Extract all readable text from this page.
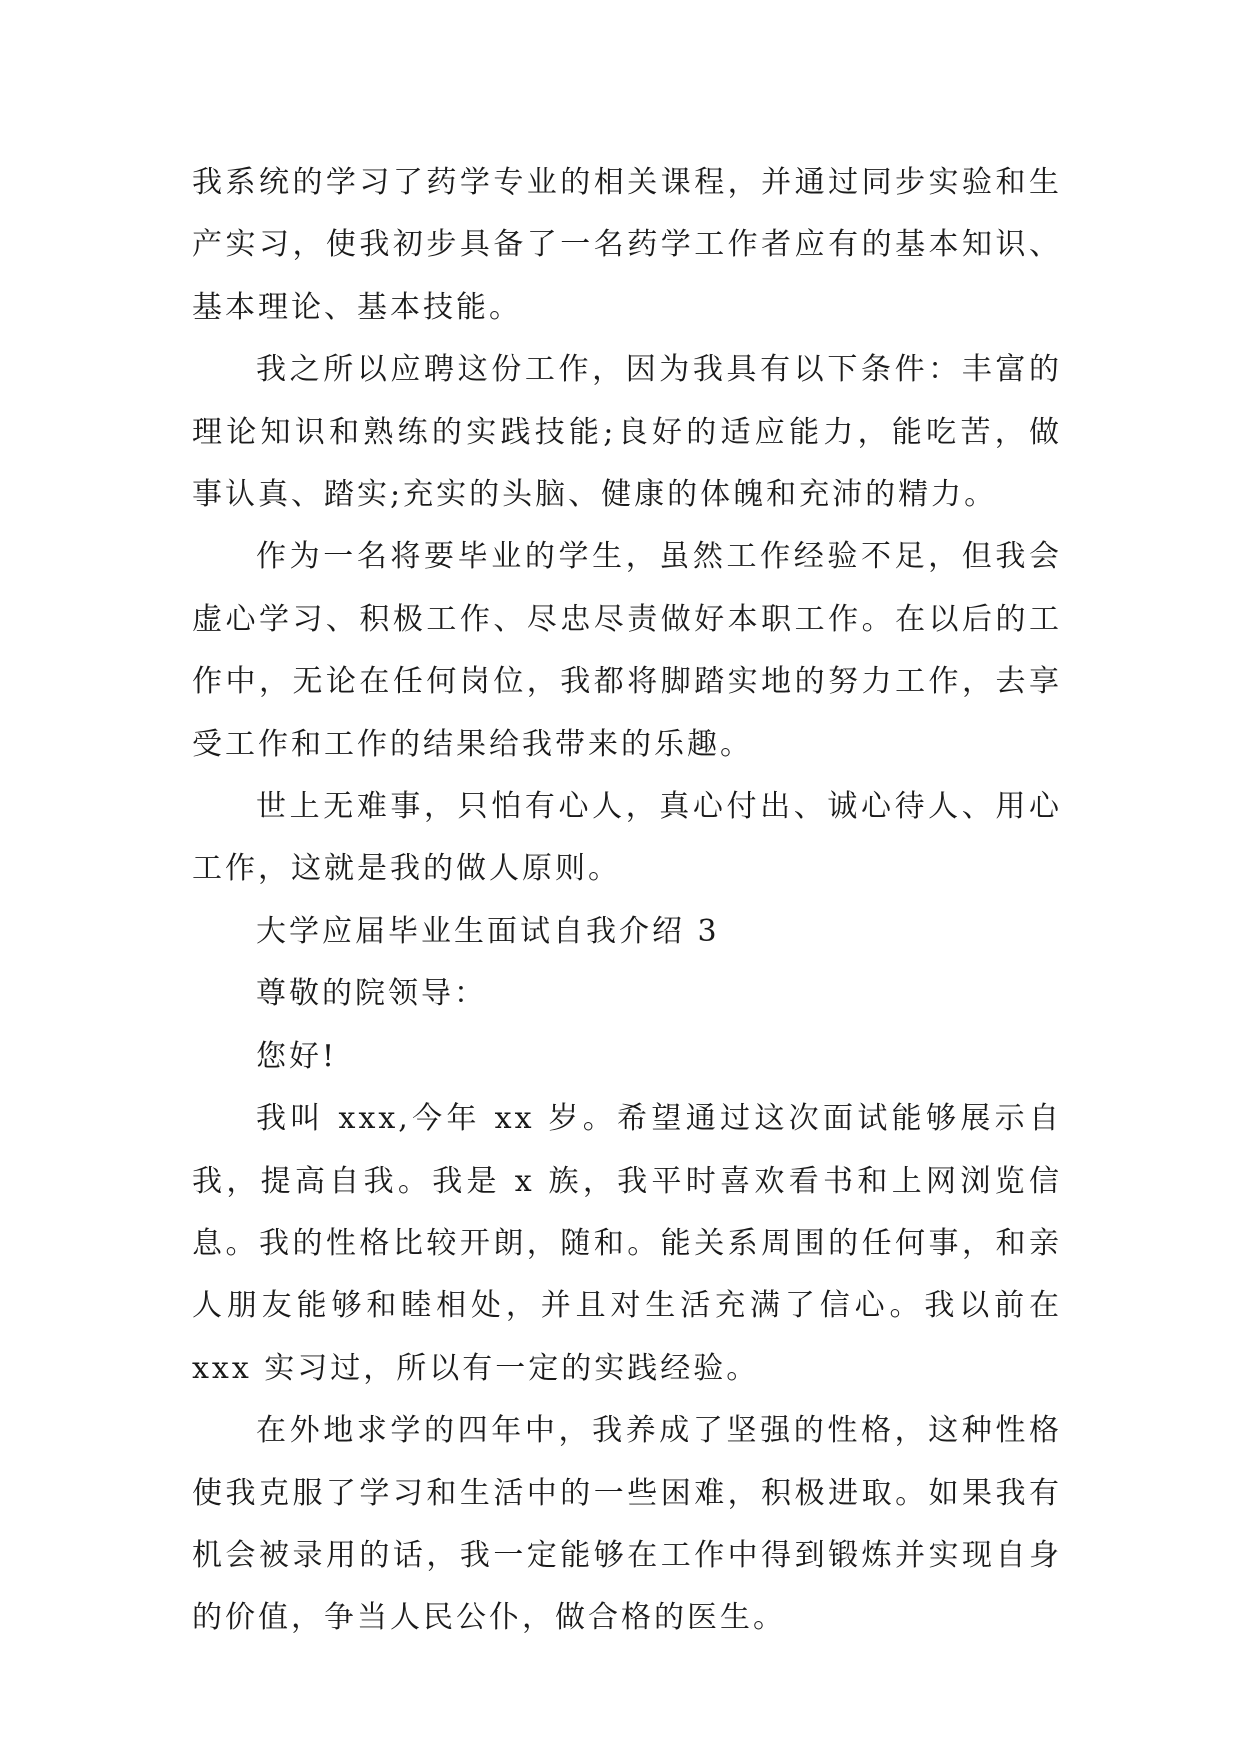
我系统的学习了药学专业的相关课程，并通过同步实验和生产实习，使我初步具备了一名药学工作者应有的基本知识、基本理论、基本技能。

我之所以应聘这份工作，因为我具有以下条件：丰富的理论知识和熟练的实践技能;良好的适应能力，能吃苦，做事认真、踏实;充实的头脑、健康的体魄和充沛的精力。

作为一名将要毕业的学生，虽然工作经验不足，但我会虚心学习、积极工作、尽忠尽责做好本职工作。在以后的工作中，无论在任何岗位，我都将脚踏实地的努力工作，去享受工作和工作的结果给我带来的乐趣。

世上无难事，只怕有心人，真心付出、诚心待人、用心工作，这就是我的做人原则。

大学应届毕业生面试自我介绍 3

尊敬的院领导：

您好!

我叫 xxx,今年 xx 岁。希望通过这次面试能够展示自我，提高自我。我是 x 族，我平时喜欢看书和上网浏览信息。我的性格比较开朗，随和。能关系周围的任何事，和亲人朋友能够和睦相处，并且对生活充满了信心。我以前在 xxx 实习过，所以有一定的实践经验。

在外地求学的四年中，我养成了坚强的性格，这种性格使我克服了学习和生活中的一些困难，积极进取。如果我有机会被录用的话，我一定能够在工作中得到锻炼并实现自身的价值，争当人民公仆，做合格的医生。
